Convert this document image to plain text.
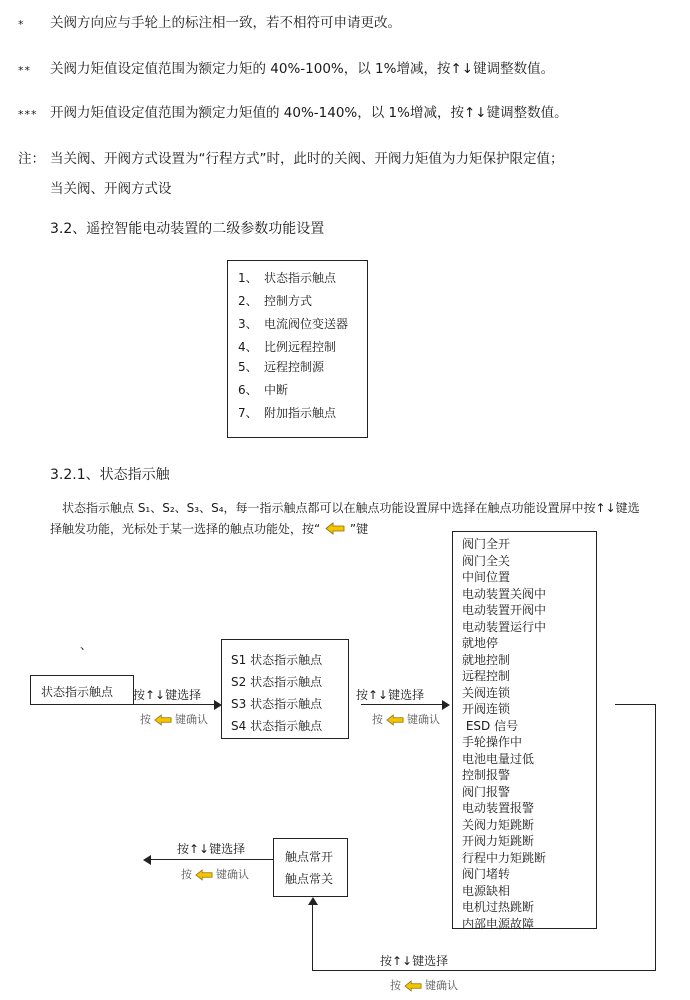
* 关阀方向应与手轮上的标注相一致，若不相符可申请更改。
** 关阀力矩值设定值范围为额定力矩的 40%-100%，以 1%增减，按↑↓键调整数值。
*** 开阀力矩值设定值范围为额定力矩值的 40%-140%，以 1%增减，按↑↓键调整数值。
注： 当关阀、开阀方式设置为“行程方式”时，此时的关阀、开阀力矩值为力矩保护限定值；
当关阀、开阀方式设
3.2、遥控智能电动装置的二级参数功能设置
1、 状态指示触点
2、 控制方式
3、 电流阀位变送器
4、 比例远程控制
5、 远程控制源
6、 中断
7、 附加指示触点
3.2.1、状态指示触
状态指示触点 S₁、S₂、S₃、S₄，每一指示触点都可以在触点功能设置屏中选择在触点功能设置屏中按↑↓键选
择触发功能，光标处于某一选择的触点功能处，按“ ”键
、
状态指示触点 按↑↓键选择
按 键确认
S1 状态指示触点
S2 状态指示触点
S3 状态指示触点
S4 状态指示触点
按↑↓键选择
按 键确认
阀门全开
阀门全关
中间位置
电动装置关阀中
电动装置开阀中
电动装置运行中
就地停
就地控制
远程控制
关阀连锁
开阀连锁
ESD 信号
手轮操作中
电池电量过低
控制报警
阀门报警
电动装置报警
关阀力矩跳断
开阀力矩跳断
行程中力矩跳断
阀门堵转
电源缺相
电机过热跳断
内部电源故障
按↑↓键选择
按 键确认
触点常开
触点常关
按↑↓键选择
按 键确认
